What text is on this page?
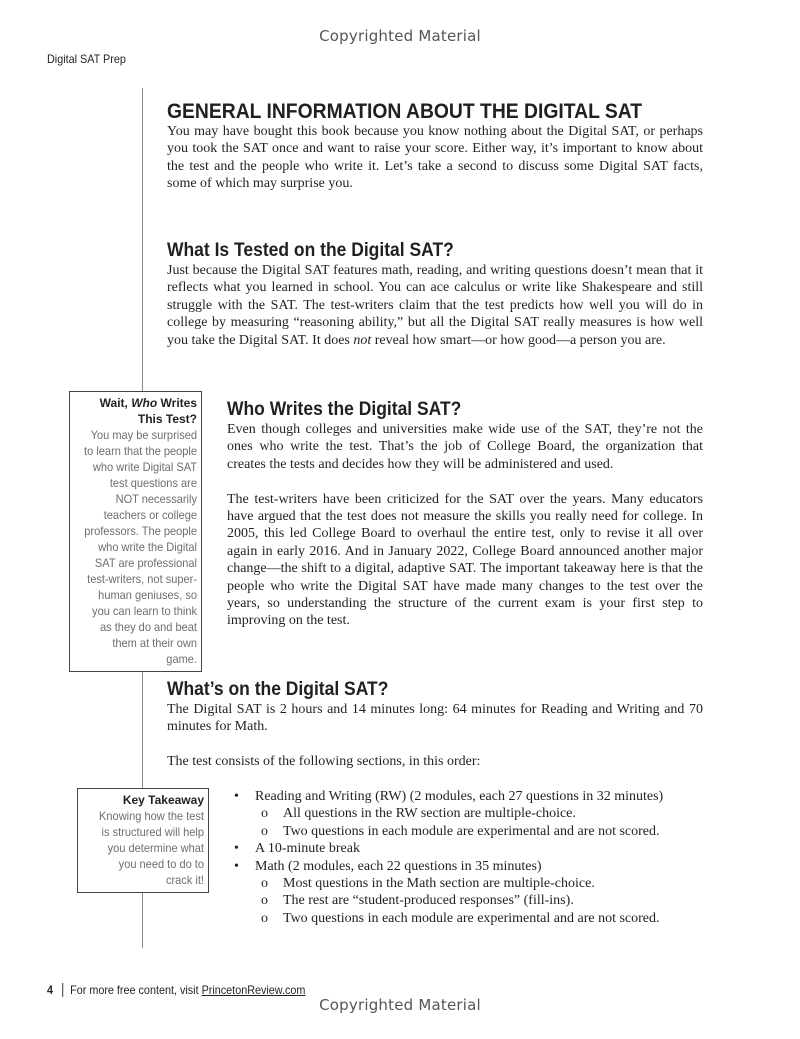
Copyrighted Material
Digital SAT Prep
GENERAL INFORMATION ABOUT THE DIGITAL SAT

You may have bought this book because you know nothing about the Digital SAT, or perhaps you took the SAT once and want to raise your score. Either way, it’s important to know about the test and the people who write it. Let’s take a second to discuss some Digital SAT facts, some of which may surprise you.

What Is Tested on the Digital SAT?

Just because the Digital SAT features math, reading, and writing questions doesn’t mean that it reflects what you learned in school. You can ace calculus or write like Shakespeare and still struggle with the SAT. The test-writers claim that the test predicts how well you will do in college by measuring “reasoning ability,” but all the Digital SAT really measures is how well you take the Digital SAT. It does not reveal how smart—or how good—a person you are.

Wait, Who Writes This Test?
You may be surprised to learn that the people who write Digital SAT test questions are NOT necessarily teachers or college professors. The people who write the Digital SAT are professional test-writers, not super-human geniuses, so you can learn to think as they do and beat them at their own game.
Who Writes the Digital SAT?

Even though colleges and universities make wide use of the SAT, they’re not the ones who write the test. That’s the job of College Board, the organization that creates the tests and decides how they will be administered and used.

The test-writers have been criticized for the SAT over the years. Many educators have argued that the test does not measure the skills you really need for college. In 2005, this led College Board to overhaul the entire test, only to revise it all over again in early 2016. And in January 2022, College Board announced another major change—the shift to a digital, adaptive SAT. The important takeaway here is that the people who write the Digital SAT have made many changes to the test over the years, so understanding the structure of the current exam is your first step to improving on the test.

What’s on the Digital SAT?

The Digital SAT is 2 hours and 14 minutes long: 64 minutes for Reading and Writing and 70 minutes for Math.

The test consists of the following sections, in this order:

Key Takeaway
Knowing how the test is structured will help you determine what you need to do to crack it!
• Reading and Writing (RW) (2 modules, each 27 questions in 32 minutes)
o All questions in the RW section are multiple-choice.
o Two questions in each module are experimental and are not scored.
• A 10-minute break
• Math (2 modules, each 22 questions in 35 minutes)
o Most questions in the Math section are multiple-choice.
o The rest are “student-produced responses” (fill-ins).
o Two questions in each module are experimental and are not scored.
4 For more free content, visit PrincetonReview.com
Copyrighted Material
